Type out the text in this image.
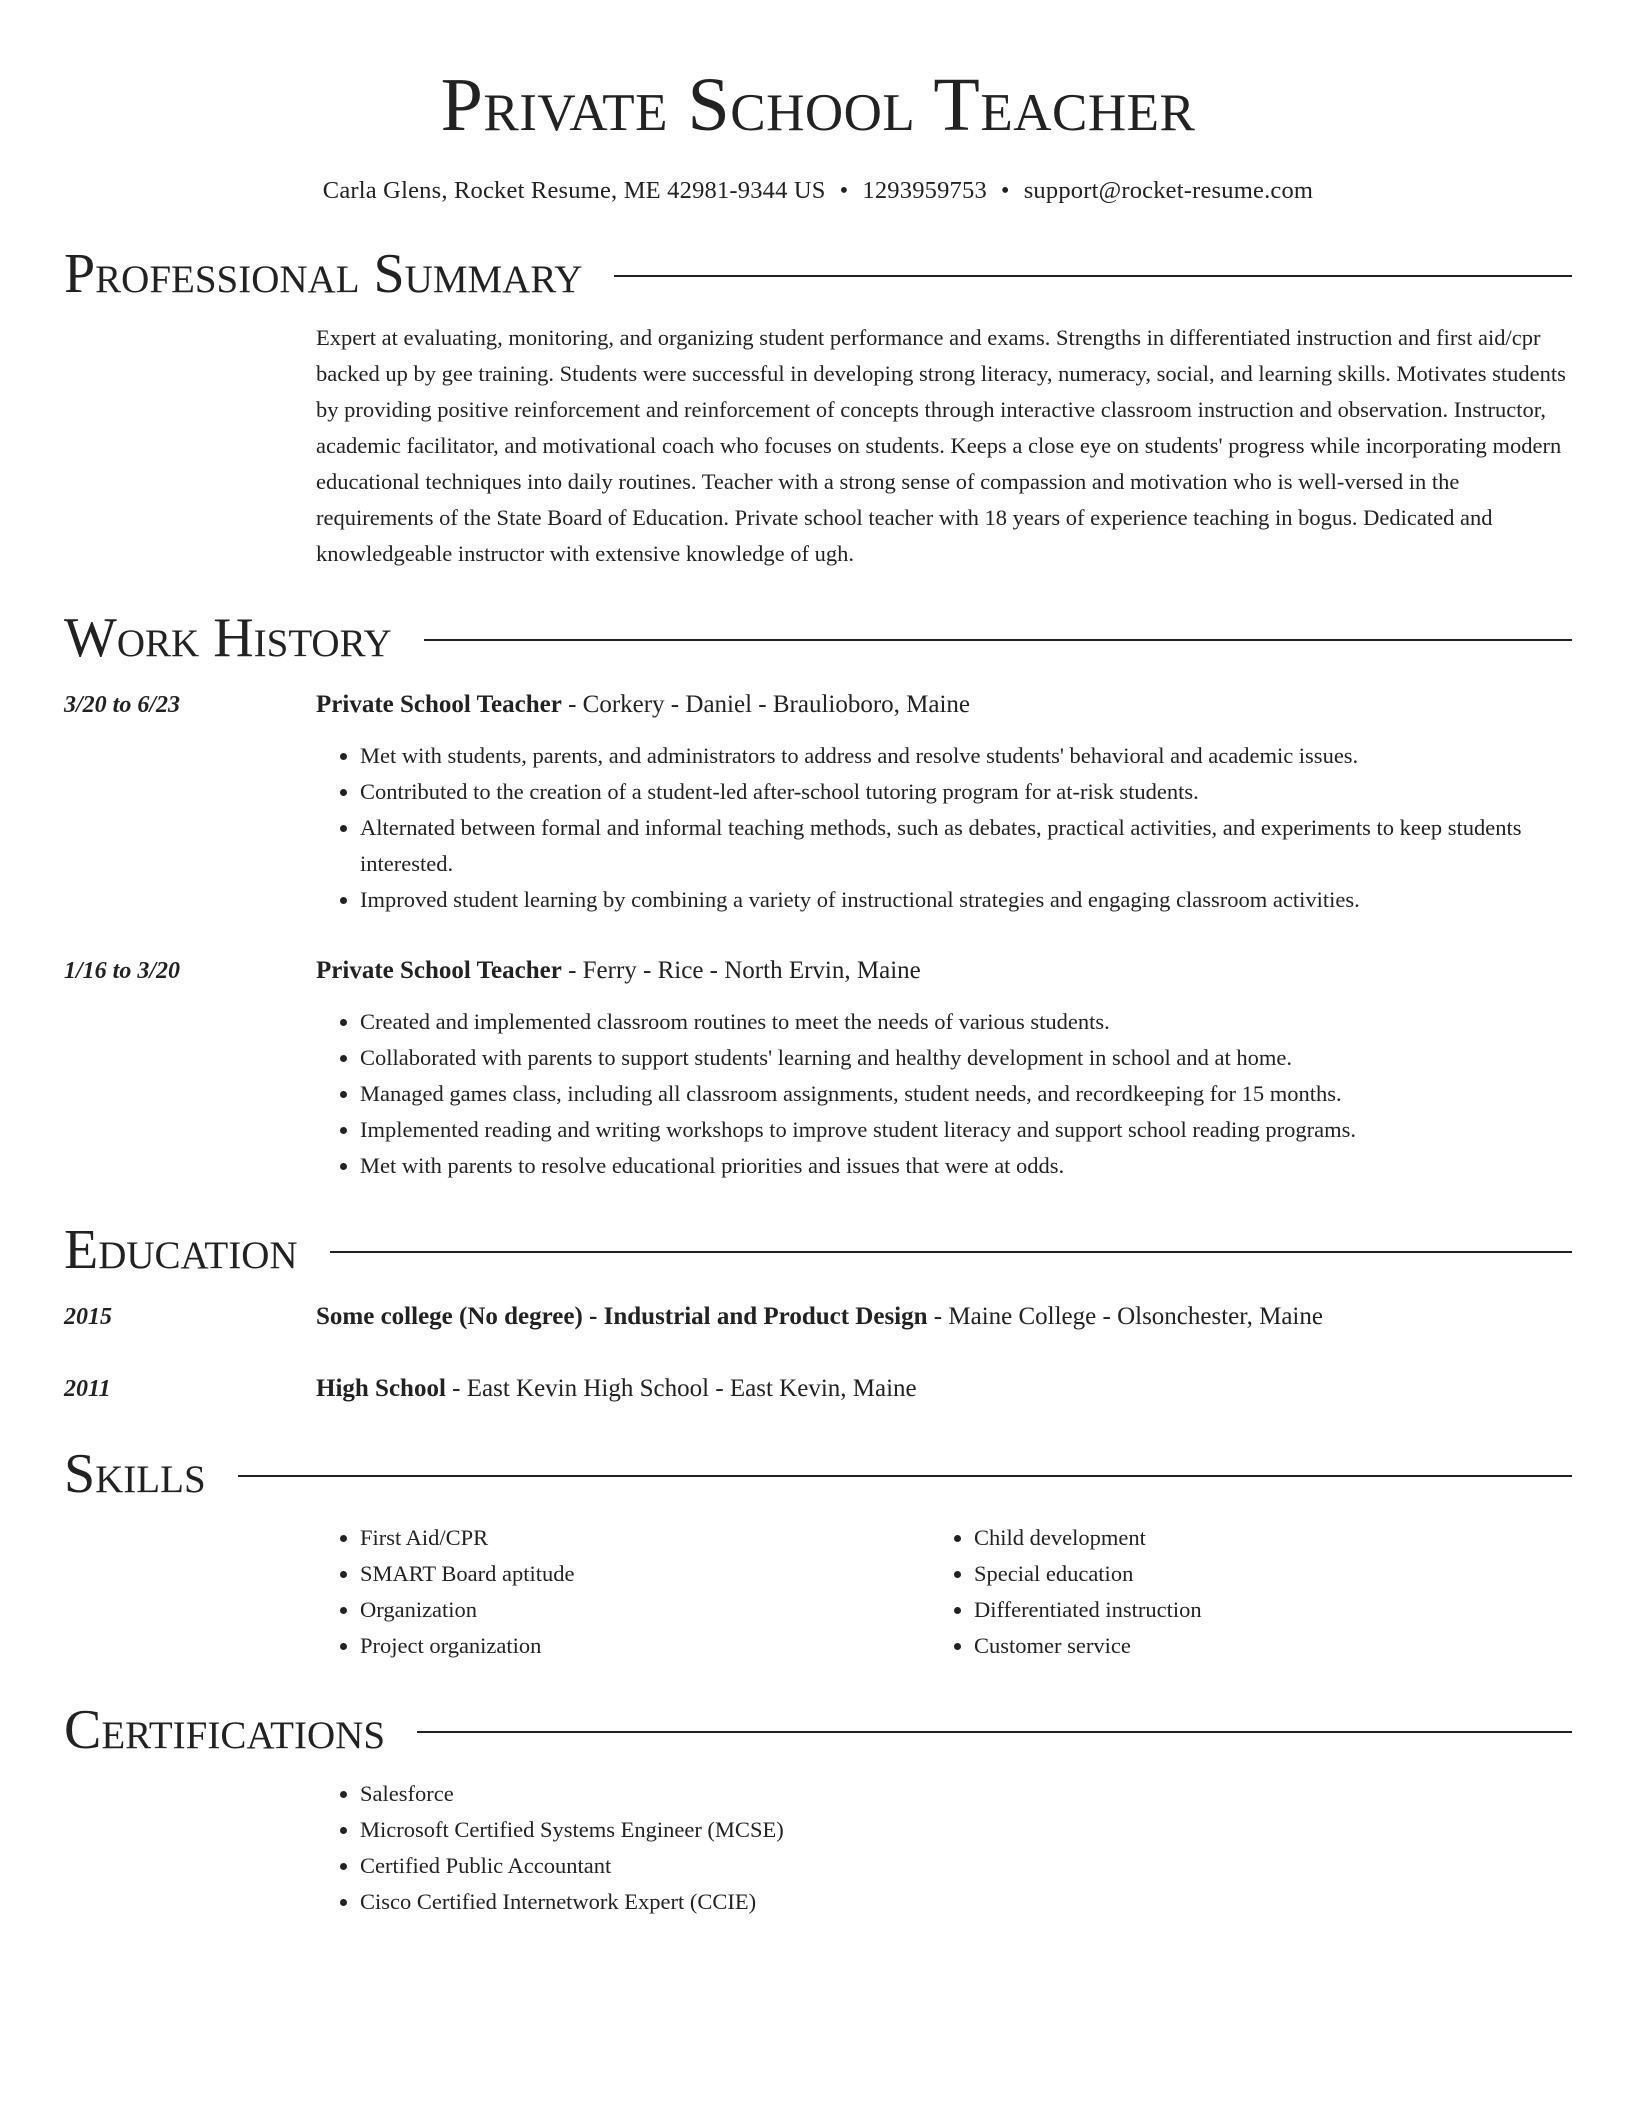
Private School Teacher
Carla Glens, Rocket Resume, ME 42981-9344 US • 1293959753 • support@rocket-resume.com
Professional Summary
Expert at evaluating, monitoring, and organizing student performance and exams. Strengths in differentiated instruction and first aid/cpr backed up by gee training. Students were successful in developing strong literacy, numeracy, social, and learning skills. Motivates students by providing positive reinforcement and reinforcement of concepts through interactive classroom instruction and observation. Instructor, academic facilitator, and motivational coach who focuses on students. Keeps a close eye on students' progress while incorporating modern educational techniques into daily routines. Teacher with a strong sense of compassion and motivation who is well-versed in the requirements of the State Board of Education. Private school teacher with 18 years of experience teaching in bogus. Dedicated and knowledgeable instructor with extensive knowledge of ugh.
Work History
3/20 to 6/23	Private School Teacher - Corkery - Daniel - Braulioboro, Maine
• Met with students, parents, and administrators to address and resolve students' behavioral and academic issues.
• Contributed to the creation of a student-led after-school tutoring program for at-risk students.
• Alternated between formal and informal teaching methods, such as debates, practical activities, and experiments to keep students interested.
• Improved student learning by combining a variety of instructional strategies and engaging classroom activities.
1/16 to 3/20	Private School Teacher - Ferry - Rice - North Ervin, Maine
• Created and implemented classroom routines to meet the needs of various students.
• Collaborated with parents to support students' learning and healthy development in school and at home.
• Managed games class, including all classroom assignments, student needs, and recordkeeping for 15 months.
• Implemented reading and writing workshops to improve student literacy and support school reading programs.
• Met with parents to resolve educational priorities and issues that were at odds.
Education
2015	Some college (No degree) - Industrial and Product Design - Maine College - Olsonchester, Maine
2011	High School - East Kevin High School - East Kevin, Maine
Skills
• First Aid/CPR
• SMART Board aptitude
• Organization
• Project organization
• Child development
• Special education
• Differentiated instruction
• Customer service
Certifications
• Salesforce
• Microsoft Certified Systems Engineer (MCSE)
• Certified Public Accountant
• Cisco Certified Internetwork Expert (CCIE)
